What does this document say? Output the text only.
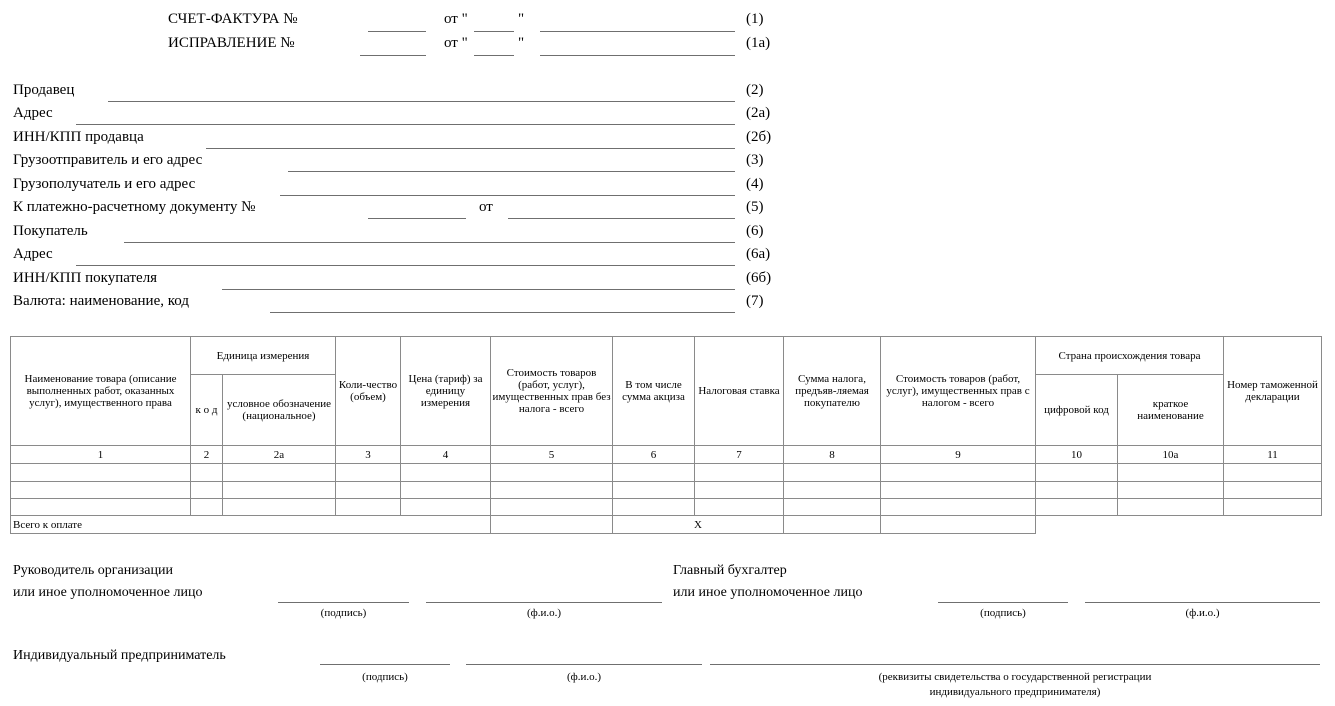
СЧЕТ-ФАКТУРА №	от "	"	(1)
ИСПРАВЛЕНИЕ №	от "	"	(1а)
Продавец	(2)
Адрес	(2а)
ИНН/КПП продавца	(2б)
Грузоотправитель и его адрес	(3)
Грузополучатель и его адрес	(4)
К платежно-расчетному документу №	от	(5)
Покупатель	(6)
Адрес	(6а)
ИНН/КПП покупателя	(6б)
Валюта: наименование, код	(7)
Наименование товара (описание выполненных работ, оказанных услуг), имущественного права	Единица измерения		Коли-чество (объем)	Цена (тариф) за единицу измерения	Стоимость товаров (работ, услуг), имущественных прав без налога - всего	В том числе сумма акциза	Налоговая ставка	Сумма налога, предъяв-ляемая покупателю	Стоимость товаров (работ, услуг), имущественных прав с налогом - всего	Страна происхождения товара		Номер таможенной декларации
	к о д	условное обозначение (национальное)								цифровой код	краткое наименование	
1	2	2а	3	4	5	6	7	8	9	10	10а	11

Всего к оплате						X						
Руководитель организации
или иное уполномоченное лицо
(подпись)	(ф.и.о.)
Главный бухгалтер
или иное уполномоченное лицо
(подпись)	(ф.и.о.)
Индивидуальный предприниматель
(подпись)	(ф.и.о.)	(реквизиты свидетельства о государственной регистрации
индивидуального предпринимателя)
